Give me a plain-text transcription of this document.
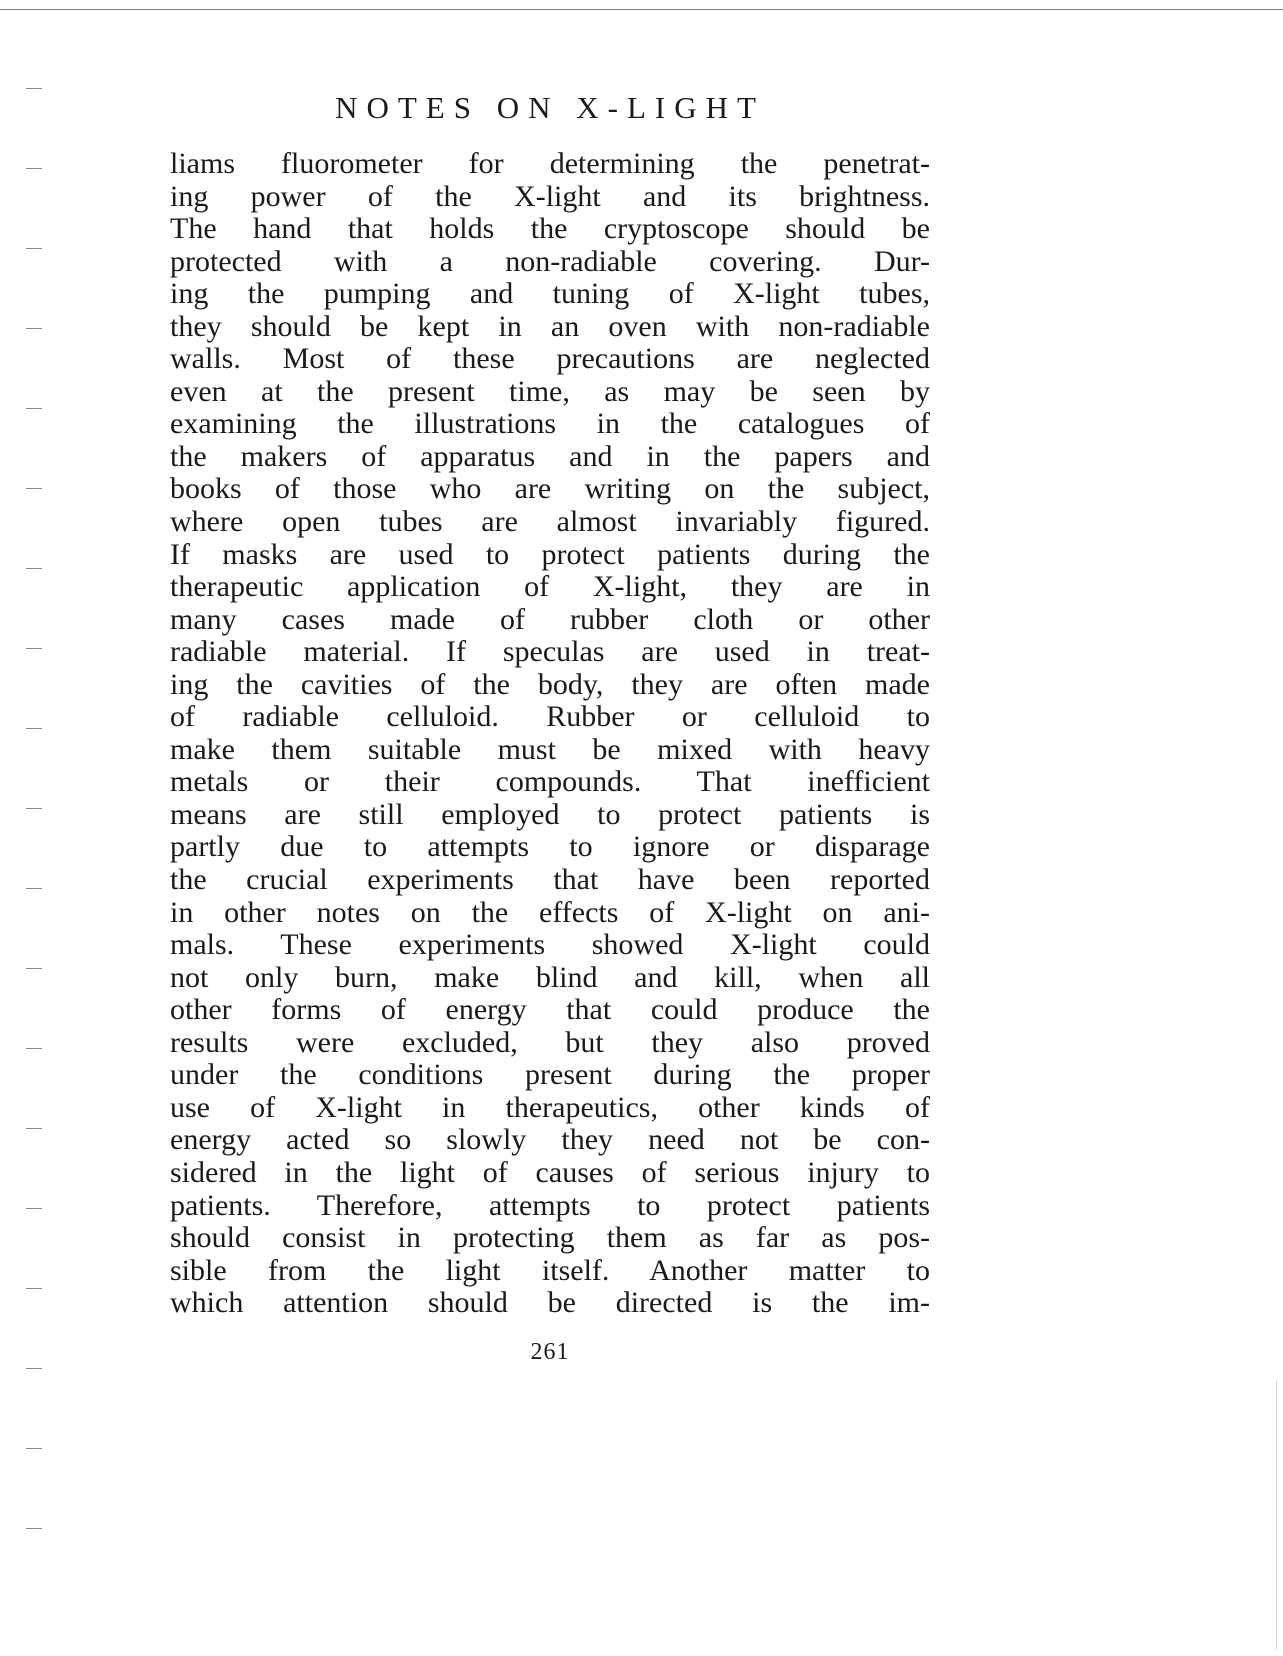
NOTES ON X-LIGHT
liams fluorometer for determining the penetrat-
ing power of the X-light and its brightness.
The hand that holds the cryptoscope should be
protected with a non-radiable covering. Dur-
ing the pumping and tuning of X-light tubes,
they should be kept in an oven with non-radiable
walls. Most of these precautions are neglected
even at the present time, as may be seen by
examining the illustrations in the catalogues of
the makers of apparatus and in the papers and
books of those who are writing on the subject,
where open tubes are almost invariably figured.
If masks are used to protect patients during the
therapeutic application of X-light, they are in
many cases made of rubber cloth or other
radiable material. If speculas are used in treat-
ing the cavities of the body, they are often made
of radiable celluloid. Rubber or celluloid to
make them suitable must be mixed with heavy
metals or their compounds. That inefficient
means are still employed to protect patients is
partly due to attempts to ignore or disparage
the crucial experiments that have been reported
in other notes on the effects of X-light on ani-
mals. These experiments showed X-light could
not only burn, make blind and kill, when all
other forms of energy that could produce the
results were excluded, but they also proved
under the conditions present during the proper
use of X-light in therapeutics, other kinds of
energy acted so slowly they need not be con-
sidered in the light of causes of serious injury to
patients. Therefore, attempts to protect patients
should consist in protecting them as far as pos-
sible from the light itself. Another matter to
which attention should be directed is the im-
261
